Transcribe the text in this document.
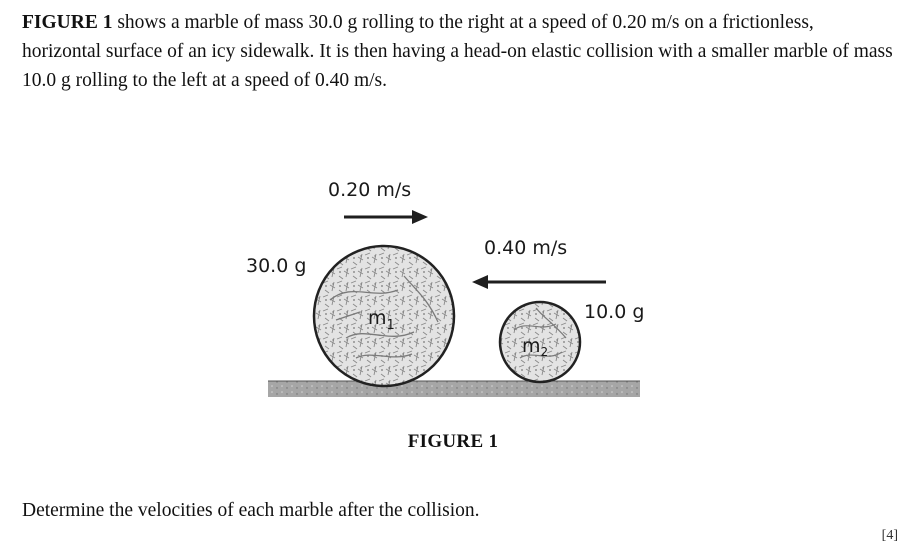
FIGURE 1 shows a marble of mass 30.0 g rolling to the right at a speed of 0.20 m/s on a frictionless, horizontal surface of an icy sidewalk. It is then having a head-on elastic collision with a smaller marble of mass 10.0 g rolling to the left at a speed of 0.40 m/s.
$m_1$
$m_2$
0.20 m/s
30.0 g
0.40 m/s
10.0 g
FIGURE 1
Determine the velocities of each marble after the collision.
[4]
